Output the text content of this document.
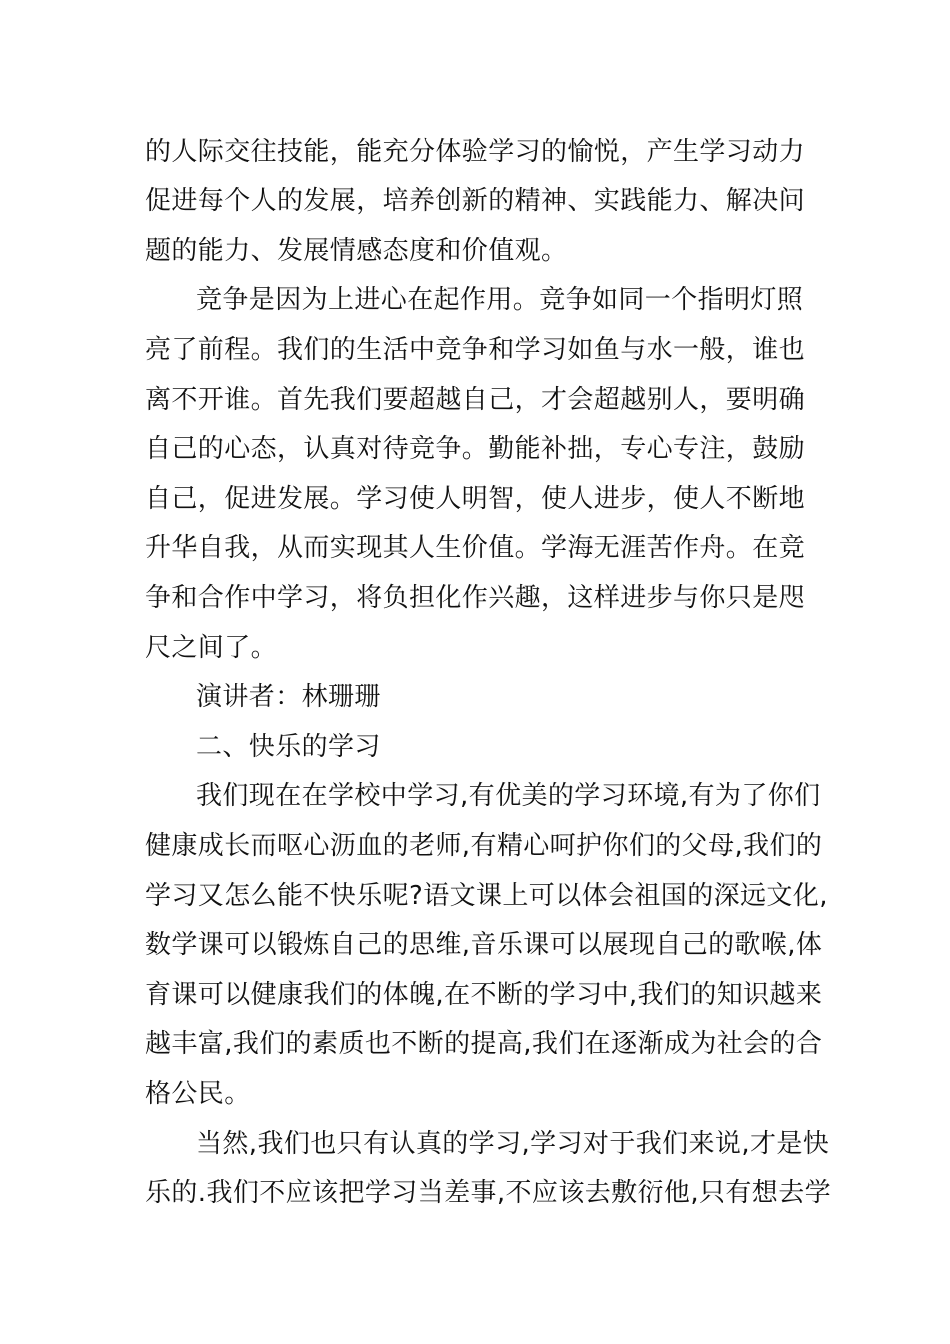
的人际交往技能，能充分体验学习的愉悦，产生学习动力
促进每个人的发展，培养创新的精神、实践能力、解决问
题的能力、发展情感态度和价值观。
竞争是因为上进心在起作用。竞争如同一个指明灯照
亮了前程。我们的生活中竞争和学习如鱼与水一般，谁也
离不开谁。首先我们要超越自己，才会超越别人，要明确
自己的心态，认真对待竞争。勤能补拙，专心专注，鼓励
自己，促进发展。学习使人明智，使人进步，使人不断地
升华自我，从而实现其人生价值。学海无涯苦作舟。在竞
争和合作中学习，将负担化作兴趣，这样进步与你只是咫
尺之间了。
演讲者：林珊珊
二、快乐的学习
我们现在在学校中学习,有优美的学习环境,有为了你们
健康成长而呕心沥血的老师,有精心呵护你们的父母,我们的
学习又怎么能不快乐呢?语文课上可以体会祖国的深远文化,
数学课可以锻炼自己的思维,音乐课可以展现自己的歌喉,体
育课可以健康我们的体魄,在不断的学习中,我们的知识越来
越丰富,我们的素质也不断的提高,我们在逐渐成为社会的合
格公民。
当然,我们也只有认真的学习,学习对于我们来说,才是快
乐的.我们不应该把学习当差事,不应该去敷衍他,只有想去学
